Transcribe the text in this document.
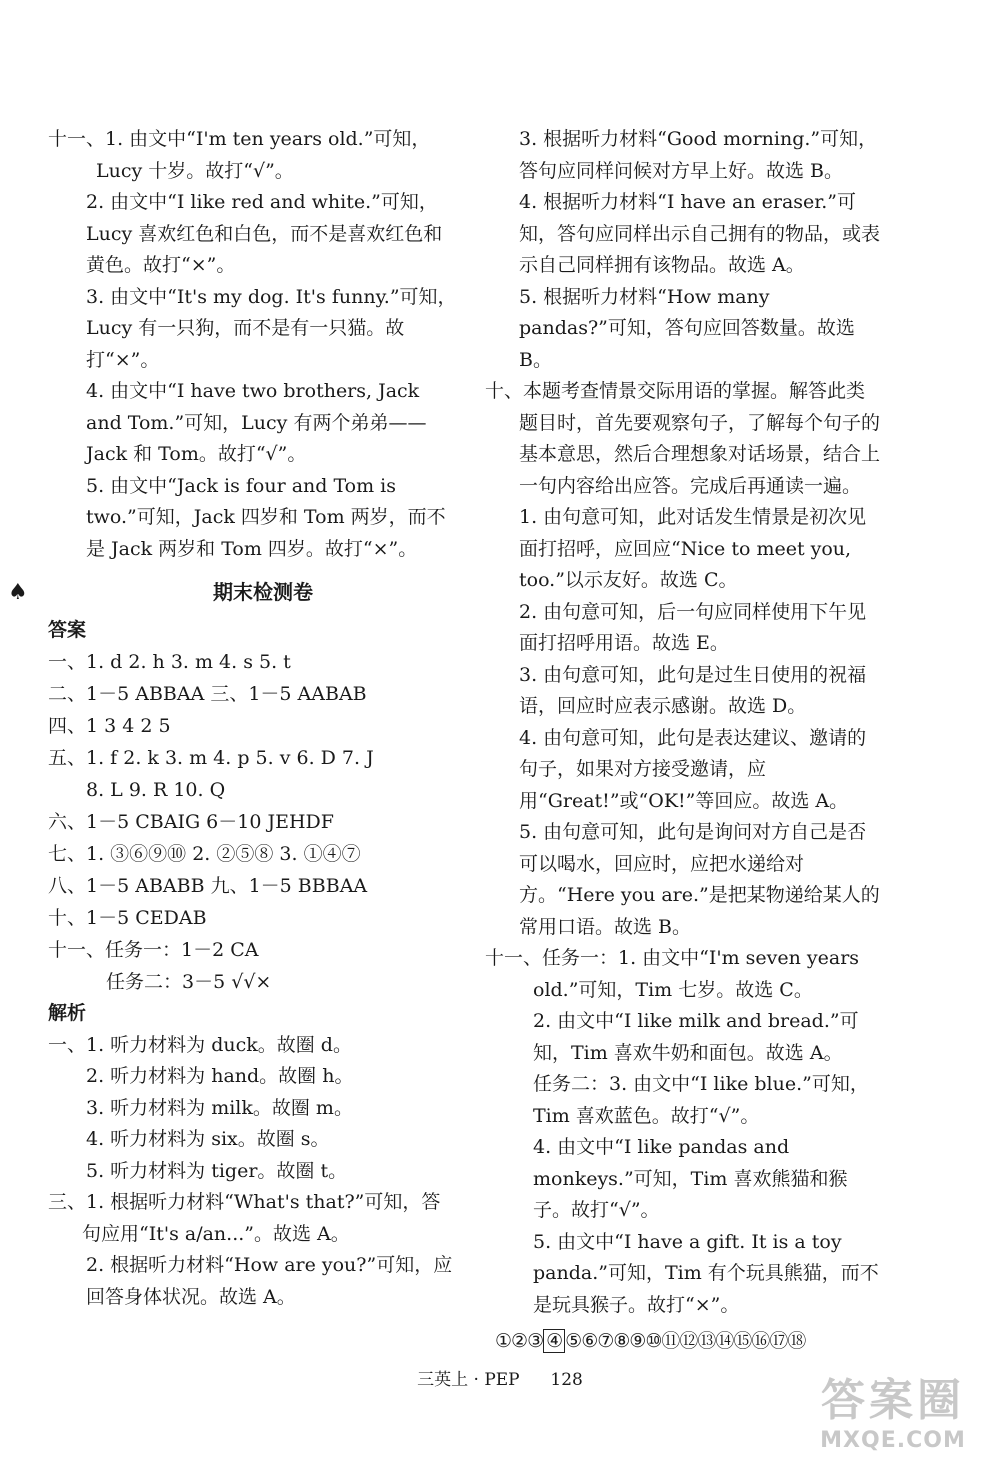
十一、1. 由文中“I'm ten years old.”可知，Lucy 十岁。故打“√”。

2. 由文中“I like red and white.”可知，Lucy 喜欢红色和白色，而不是喜欢红色和黄色。故打“×”。

3. 由文中“It's my dog. It's funny.”可知，Lucy 有一只狗，而不是有一只猫。故打“×”。

4. 由文中“I have two brothers, Jack and Tom.”可知，Lucy 有两个弟弟——Jack 和 Tom。故打“√”。

5. 由文中“Jack is four and Tom is two.”可知，Jack 四岁和 Tom 两岁，而不是 Jack 两岁和 Tom 四岁。故打“×”。

♠	期末检测卷
答案

一、1. d 2. h 3. m 4. s 5. t

二、1－5 ABBAA 三、1－5 AABAB

四、1 3 4 2 5

五、1. f 2. k 3. m 4. p 5. v 6. D 7. J

8. L 9. R 10. Q

六、1－5 CBAIG 6－10 JEHDF

七、1. ③⑥⑨⑩ 2. ②⑤⑧ 3. ①④⑦

八、1－5 ABABB 九、1－5 BBBAA

十、1－5 CEDAB

十一、任务一：1－2 CA

任务二：3－5 √√×

解析

一、1. 听力材料为 duck。故圈 d。

2. 听力材料为 hand。故圈 h。

3. 听力材料为 milk。故圈 m。

4. 听力材料为 six。故圈 s。

5. 听力材料为 tiger。故圈 t。

三、1. 根据听力材料“What's that?”可知，答句应用“It's a/an...”。故选 A。

2. 根据听力材料“How are you?”可知，应回答身体状况。故选 A。

3. 根据听力材料“Good morning.”可知，答句应同样问候对方早上好。故选 B。

4. 根据听力材料“I have an eraser.”可知，答句应同样出示自己拥有的物品，或表示自己同样拥有该物品。故选 A。

5. 根据听力材料“How many pandas?”可知，答句应回答数量。故选 B。

十、本题考查情景交际用语的掌握。解答此类题目时，首先要观察句子，了解每个句子的基本意思，然后合理想象对话场景，结合上一句内容给出应答。完成后再通读一遍。

1. 由句意可知，此对话发生情景是初次见面打招呼，应回应“Nice to meet you, too.”以示友好。故选 C。

2. 由句意可知，后一句应同样使用下午见面打招呼用语。故选 E。

3. 由句意可知，此句是过生日使用的祝福语，回应时应表示感谢。故选 D。

4. 由句意可知，此句是表达建议、邀请的句子，如果对方接受邀请，应用“Great!”或“OK!”等回应。故选 A。

5. 由句意可知，此句是询问对方自己是否可以喝水，回应时，应把水递给对方。“Here you are.”是把某物递给某人的常用口语。故选 B。

十一、任务一：1. 由文中“I'm seven years old.”可知，Tim 七岁。故选 C。

2. 由文中“I like milk and bread.”可知，Tim 喜欢牛奶和面包。故选 A。

任务二：3. 由文中“I like blue.”可知，Tim 喜欢蓝色。故打“√”。

4. 由文中“I like pandas and monkeys.”可知，Tim 喜欢熊猫和猴子。故打“√”。

5. 由文中“I have a gift. It is a toy panda.”可知，Tim 有个玩具熊猫，而不是玩具猴子。故打“×”。

①②③ ④ ⑤⑥⑦⑧⑨⑩⑪⑫⑬⑭⑮⑯⑰⑱
三英上 · PEP 128	答案圈
MXQE.COM
